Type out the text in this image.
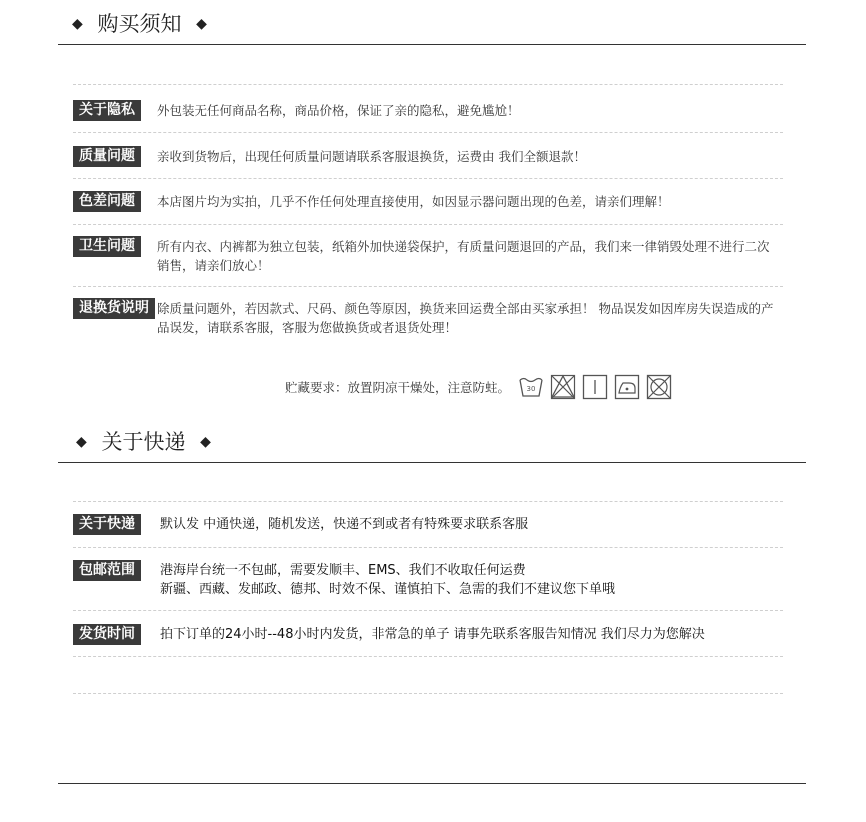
◆ 购买须知 ◆
关于隐私	外包装无任何商品名称，商品价格，保证了亲的隐私，避免尴尬！
质量问题	亲收到货物后，出现任何质量问题请联系客服退换货，运费由 我们全额退款！
色差问题	本店图片均为实拍，几乎不作任何处理直接使用，如因显示器问题出现的色差，请亲们理解！
卫生问题	所有内衣、内裤都为独立包装，纸箱外加快递袋保护，有质量问题退回的产品，我们来一律销毁处理不进行二次销售，请亲们放心！
退换货说明 除质量问题外，若因款式、尺码、颜色等原因，换货来回运费全部由买家承担！ 物品误发如因库房失误造成的产品误发，请联系客服，客服为您做换货或者退货处理！
贮藏要求：放置阴凉干燥处，注意防蛀。 30
◆ 关于快递 ◆
关于快递	默认发 中通快递，随机发送，快递不到或者有特殊要求联系客服
包邮范围	港海岸台统一不包邮，需要发顺丰、EMS、我们不收取任何运费
新疆、西藏、发邮政、德邦、时效不保、谨慎拍下、急需的我们不建议您下单哦
发货时间	拍下订单的24小时--48小时内发货，非常急的单子 请事先联系客服告知情况 我们尽力为您解决
